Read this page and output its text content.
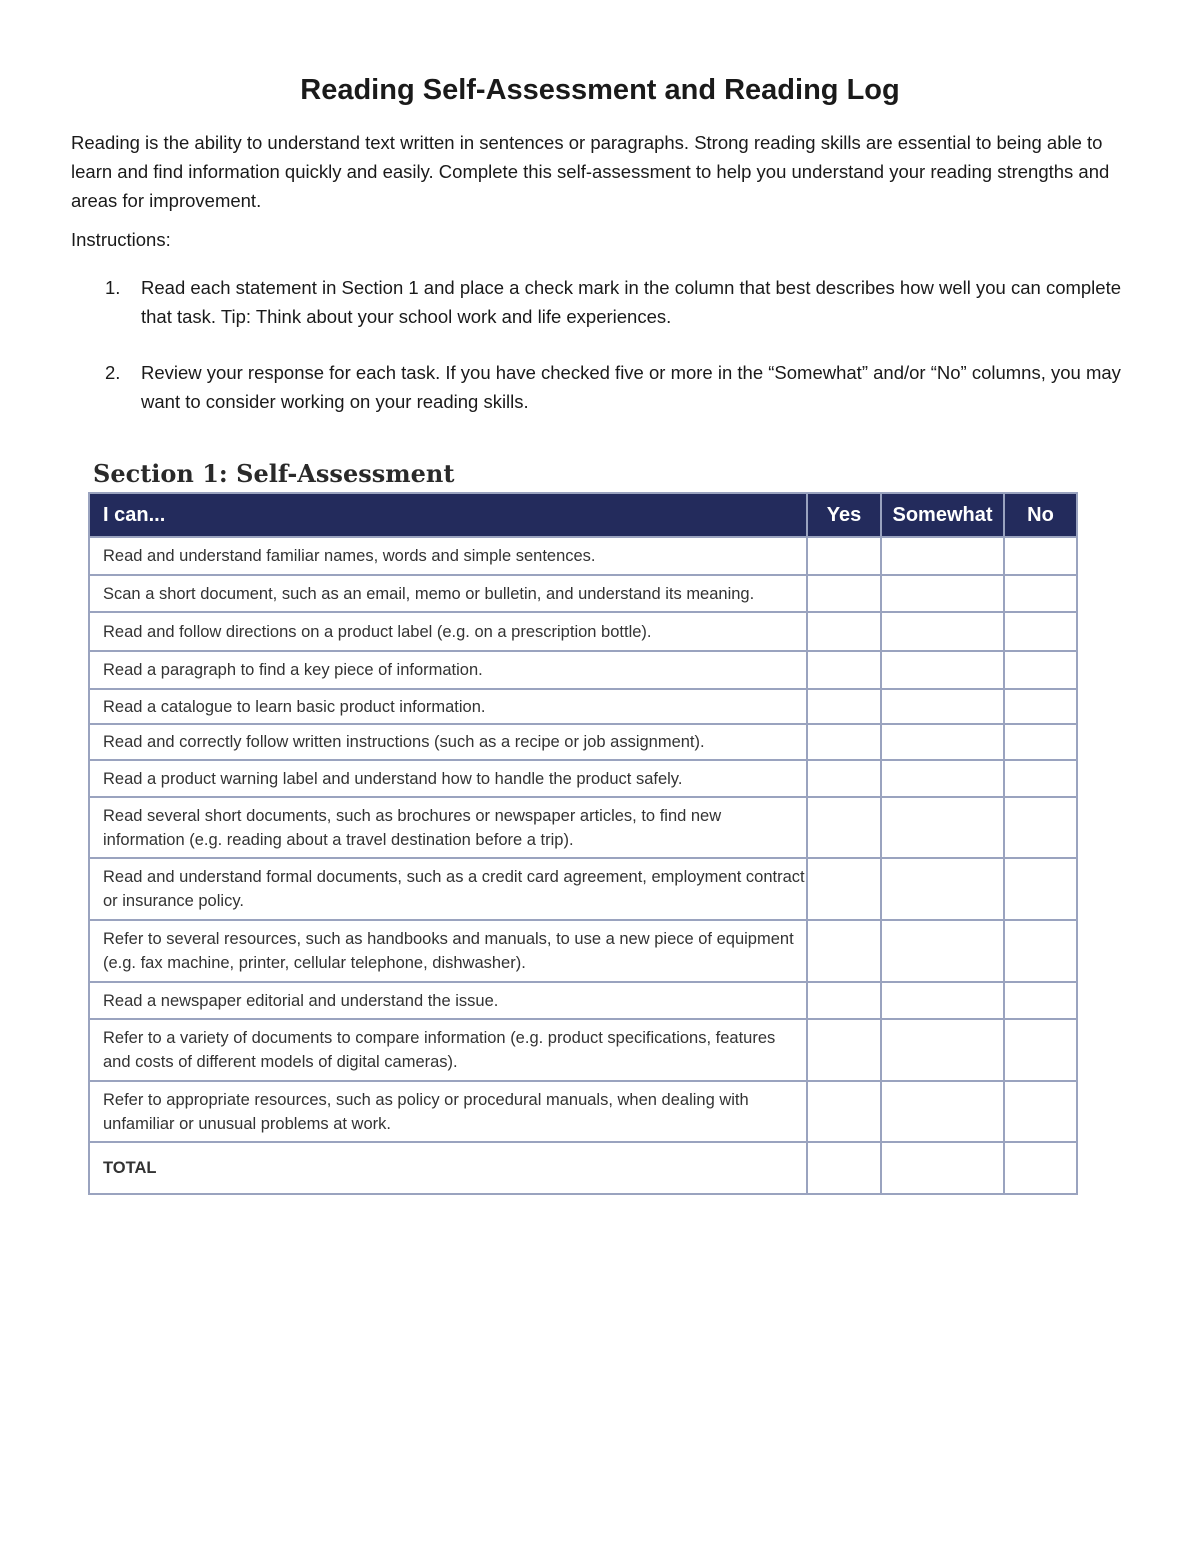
Reading Self-Assessment and Reading Log

Reading is the ability to understand text written in sentences or paragraphs. Strong reading skills are essential to being able to learn and find information quickly and easily. Complete this self-assessment to help you understand your reading strengths and areas for improvement.

Instructions:

1. Read each statement in Section 1 and place a check mark in the column that best describes how well you can complete that task. Tip: Think about your school work and life experiences.
2. Review your response for each task. If you have checked five or more in the “Somewhat” and/or “No” columns, you may want to consider working on your reading skills.
Section 1: Self-Assessment
I can...	Yes	Somewhat	No
Read and understand familiar names, words and simple sentences.			
Scan a short document, such as an email, memo or bulletin, and understand its meaning.			
Read and follow directions on a product label (e.g. on a prescription bottle).			
Read a paragraph to find a key piece of information.			
Read a catalogue to learn basic product information.			
Read and correctly follow written instructions (such as a recipe or job assignment).			
Read a product warning label and understand how to handle the product safely.			
Read several short documents, such as brochures or newspaper articles, to find new information (e.g. reading about a travel destination before a trip).			
Read and understand formal documents, such as a credit card agreement, employment contract or insurance policy.			
Refer to several resources, such as handbooks and manuals, to use a new piece of equipment (e.g. fax machine, printer, cellular telephone, dishwasher).			
Read a newspaper editorial and understand the issue.			
Refer to a variety of documents to compare information (e.g. product specifications, features and costs of different models of digital cameras).			
Refer to appropriate resources, such as policy or procedural manuals, when dealing with unfamiliar or unusual problems at work.			
TOTAL			
